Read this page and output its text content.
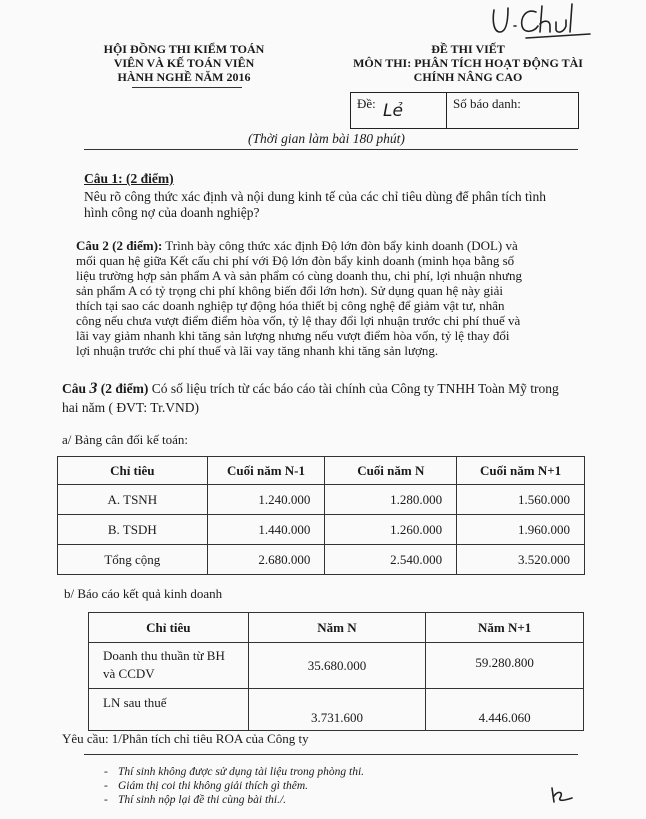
HỘI ĐỒNG THI KIỂM TOÁN
VIÊN VÀ KẾ TOÁN VIÊN
HÀNH NGHỀ NĂM 2016
ĐỀ THI VIẾT
MÔN THI: PHÂN TÍCH HOẠT ĐỘNG TÀI
CHÍNH NÂNG CAO
Đề: Lẻ	Số báo danh:
(Thời gian làm bài 180 phút)
Câu 1: (2 điểm)
Nêu rõ công thức xác định và nội dung kinh tế của các chỉ tiêu dùng để phân tích tình
hình công nợ của doanh nghiệp?
Câu 2 (2 điểm): Trình bày công thức xác định Độ lớn đòn bẩy kinh doanh (DOL) và
mối quan hệ giữa Kết cấu chi phí với Độ lớn đòn bẩy kinh doanh (minh họa bằng số
liệu trường hợp sản phẩm A và sản phẩm có cùng doanh thu, chi phí, lợi nhuận nhưng
sản phẩm A có tỷ trọng chi phí không biến đổi lớn hơn). Sử dụng quan hệ này giải
thích tại sao các doanh nghiệp tự động hóa thiết bị công nghệ để giảm vật tư, nhân
công nếu chưa vượt điểm điểm hòa vốn, tỷ lệ thay đổi lợi nhuận trước chi phí thuế và
lãi vay giảm nhanh khi tăng sản lượng nhưng nếu vượt điểm hòa vốn, tỷ lệ thay đổi
lợi nhuận trước chi phí thuế và lãi vay tăng nhanh khi tăng sản lượng.
Câu 3 (2 điểm) Có số liệu trích từ các báo cáo tài chính của Công ty TNHH Toàn Mỹ trong
hai năm ( ĐVT: Tr.VND)
a/ Bảng cân đối kế toán:
Chỉ tiêu	Cuối năm N-1	Cuối năm N	Cuối năm N+1
A. TSNH	1.240.000	1.280.000	1.560.000
B. TSDH	1.440.000	1.260.000	1.960.000
Tổng cộng	2.680.000	2.540.000	3.520.000
b/ Báo cáo kết quả kinh doanh
Chỉ tiêu	Năm N	Năm N+1

Doanh thu thuần từ BH
và CCDV	35.680.000	59.280.800
LN sau thuế	3.731.600	4.446.060
Yêu cầu: 1/Phân tích chỉ tiêu ROA của Công ty
- Thí sinh không được sử dụng tài liệu trong phòng thi.
- Giám thị coi thi không giải thích gì thêm.
- Thí sinh nộp lại đề thi cùng bài thi./.
